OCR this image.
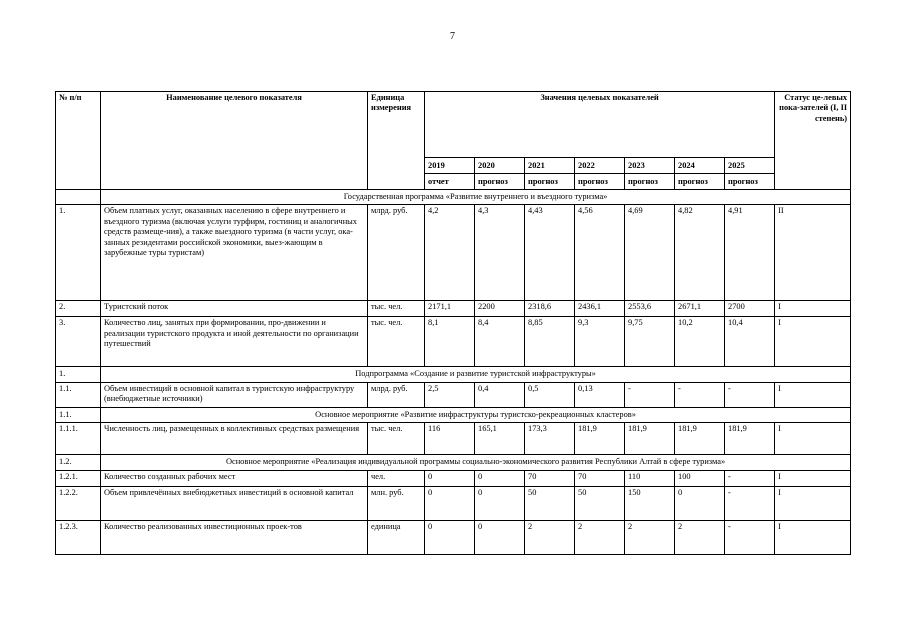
7
№ п/п	Наименование целевого показателя	Единица измерения	Значения целевых показателей							Статус це-левых пока-зателей (I, II степень)
			2019	2020	2021	2022	2023	2024	2025	
			отчет	прогноз	прогноз	прогноз	прогноз	прогноз	прогноз	
	Государственная программа «Развитие внутреннего и въездного туризма»									
1.	Объем платных услуг, оказанных населению в сфере внутреннего и въездного туризма (включая услуги турфирм, гостиниц и аналогичных средств размеще-ния), а также выездного туризма (в части услуг, ока-занных резидентами российской экономики, выез-жающим в зарубежные туры туристам)	млрд. руб.	4,2	4,3	4,43	4,56	4,69	4,82	4,91	II
2.	Туристский поток	тыс. чел.	2171,1	2200	2318,6	2436,1	2553,6	2671,1	2700	I
3.	Количество лиц, занятых при формировании, про-движении и реализации туристского продукта и иной деятельности по организации путешествий	тыс. чел.	8,1	8,4	8,85	9,3	9,75	10,2	10,4	I
1.	Подпрограмма «Создание и развитие туристской инфраструктуры»									
1.1.	Объем инвестиций в основной капитал в туристскую инфраструктуру (внебюджетные источники)	млрд. руб.	2,5	0,4	0,5	0,13	-	-	-	I
1.1.	Основное мероприятие «Развитие инфраструктуры туристско-рекреационных кластеров»									
1.1.1.	Численность лиц, размещенных в коллективных средствах размещения	тыс. чел.	116	165,1	173,3	181,9	181,9	181,9	181,9	I
1.2.	Основное мероприятие «Реализация индивидуальной программы социально-экономического развития Республики Алтай в сфере туризма»									
1.2.1.	Количество созданных рабочих мест	чел.	0	0	70	70	110	100	-	I
1.2.2.	Объем привлечённых внебюджетных инвестиций в основной капитал	млн. руб.	0	0	50	50	150	0	-	I
1.2.3.	Количество реализованных инвестиционных проек-тов	единица	0	0	2	2	2	2	-	I
